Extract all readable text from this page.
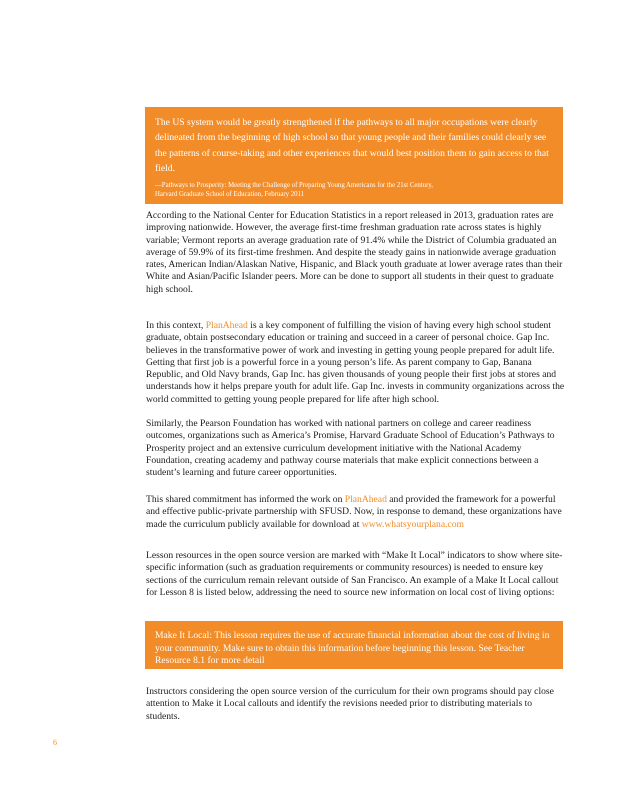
The US system would be greatly strengthened if the pathways to all major occupations were clearly delineated from the beginning of high school so that young people and their families could clearly see the patterns of course-taking and other experiences that would best position them to gain access to that field.

—Pathways to Prosperity: Meeting the Challenge of Preparing Young Americans for the 21st Century,
Harvard Graduate School of Education, February 2011

According to the National Center for Education Statistics in a report released in 2013, graduation rates are improving nationwide. However, the average first-time freshman graduation rate across states is highly variable; Vermont reports an average graduation rate of 91.4% while the District of Columbia graduated an average of 59.9% of its first-time freshmen. And despite the steady gains in nationwide average graduation rates, American Indian/Alaskan Native, Hispanic, and Black youth graduate at lower average rates than their White and Asian/Pacific Islander peers. More can be done to support all students in their quest to graduate high school.

In this context, PlanAhead is a key component of fulfilling the vision of having every high school student graduate, obtain postsecondary education or training and succeed in a career of personal choice. Gap Inc. believes in the transformative power of work and investing in getting young people prepared for adult life. Getting that first job is a powerful force in a young person’s life. As parent company to Gap, Banana Republic, and Old Navy brands, Gap Inc. has given thousands of young people their first jobs at stores and understands how it helps prepare youth for adult life. Gap Inc. invests in community organizations across the world committed to getting young people prepared for life after high school.

Similarly, the Pearson Foundation has worked with national partners on college and career readiness outcomes, organizations such as America’s Promise, Harvard Graduate School of Education’s Pathways to Prosperity project and an extensive curriculum development initiative with the National Academy Foundation, creating academy and pathway course materials that make explicit connections between a student’s learning and future career opportunities.

This shared commitment has informed the work on PlanAhead and provided the framework for a powerful and effective public-private partnership with SFUSD. Now, in response to demand, these organizations have made the curriculum publicly available for download at www.whatsyourplana.com

Lesson resources in the open source version are marked with “Make It Local” indicators to show where site-specific information (such as graduation requirements or community resources) is needed to ensure key sections of the curriculum remain relevant outside of San Francisco. An example of a Make It Local callout for Lesson 8 is listed below, addressing the need to source new information on local cost of living options:

Make It Local: This lesson requires the use of accurate financial information about the cost of living in your community. Make sure to obtain this information before beginning this lesson. See Teacher Resource 8.1 for more detail

Instructors considering the open source version of the curriculum for their own programs should pay close attention to Make it Local callouts and identify the revisions needed prior to distributing materials to students.

6
